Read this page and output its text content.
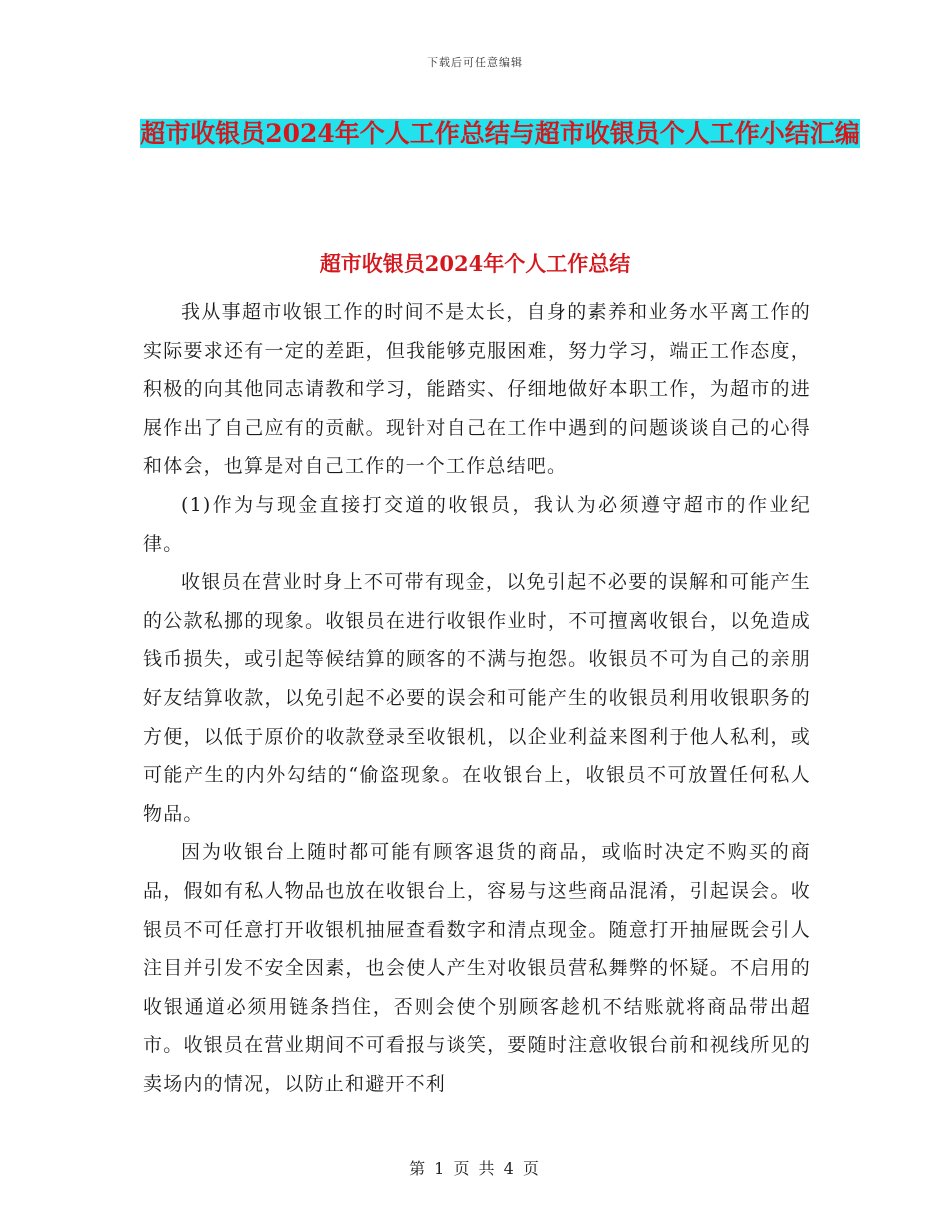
下载后可任意编辑
超市收银员2024年个人工作总结与超市收银员个人工作小结汇编
超市收银员2024年个人工作总结

我从事超市收银工作的时间不是太长，自身的素养和业务水平离工作的实际要求还有一定的差距，但我能够克服困难，努力学习，端正工作态度，积极的向其他同志请教和学习，能踏实、仔细地做好本职工作，为超市的进展作出了自己应有的贡献。现针对自己在工作中遇到的问题谈谈自己的心得和体会，也算是对自己工作的一个工作总结吧。

(1)作为与现金直接打交道的收银员，我认为必须遵守超市的作业纪律。

收银员在营业时身上不可带有现金，以免引起不必要的误解和可能产生的公款私挪的现象。收银员在进行收银作业时，不可擅离收银台，以免造成钱币损失，或引起等候结算的顾客的不满与抱怨。收银员不可为自己的亲朋好友结算收款，以免引起不必要的误会和可能产生的收银员利用收银职务的方便，以低于原价的收款登录至收银机，以企业利益来图利于他人私利，或可能产生的内外勾结的“偷盗现象。在收银台上，收银员不可放置任何私人物品。

因为收银台上随时都可能有顾客退货的商品，或临时决定不购买的商品，假如有私人物品也放在收银台上，容易与这些商品混淆，引起误会。收银员不可任意打开收银机抽屉查看数字和清点现金。随意打开抽屉既会引人注目并引发不安全因素，也会使人产生对收银员营私舞弊的怀疑。不启用的收银通道必须用链条挡住，否则会使个别顾客趁机不结账就将商品带出超市。收银员在营业期间不可看报与谈笑，要随时注意收银台前和视线所见的卖场内的情况，以防止和避开不利

第 1 页 共 4 页
